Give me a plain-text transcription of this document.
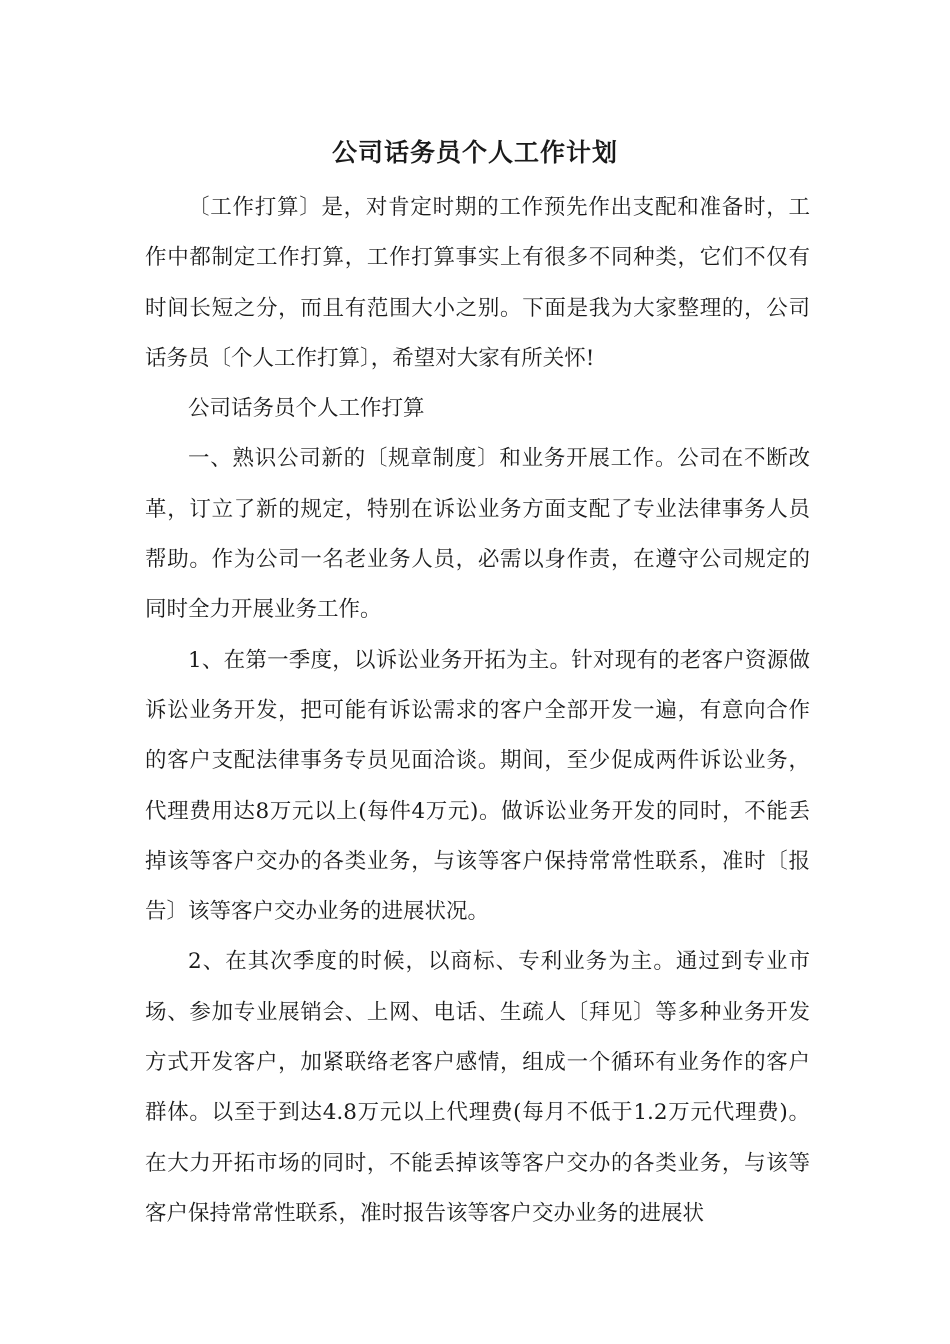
公司话务员个人工作计划

〔工作打算〕是，对肯定时期的工作预先作出支配和准备时，工作中都制定工作打算，工作打算事实上有很多不同种类，它们不仅有时间长短之分，而且有范围大小之别。下面是我为大家整理的，公司话务员〔个人工作打算〕，希望对大家有所关怀!

公司话务员个人工作打算

一、熟识公司新的〔规章制度〕和业务开展工作。公司在不断改革，订立了新的规定，特别在诉讼业务方面支配了专业法律事务人员帮助。作为公司一名老业务人员，必需以身作责，在遵守公司规定的同时全力开展业务工作。

1、在第一季度，以诉讼业务开拓为主。针对现有的老客户资源做诉讼业务开发，把可能有诉讼需求的客户全部开发一遍，有意向合作的客户支配法律事务专员见面洽谈。期间，至少促成两件诉讼业务，代理费用达8万元以上(每件4万元)。做诉讼业务开发的同时，不能丢掉该等客户交办的各类业务，与该等客户保持常常性联系，准时〔报告〕该等客户交办业务的进展状况。

2、在其次季度的时候，以商标、专利业务为主。通过到专业市场、参加专业展销会、上网、电话、生疏人〔拜见〕等多种业务开发方式开发客户，加紧联络老客户感情，组成一个循环有业务作的客户群体。以至于到达4.8万元以上代理费(每月不低于1.2万元代理费)。在大力开拓市场的同时，不能丢掉该等客户交办的各类业务，与该等客户保持常常性联系，准时报告该等客户交办业务的进展状
